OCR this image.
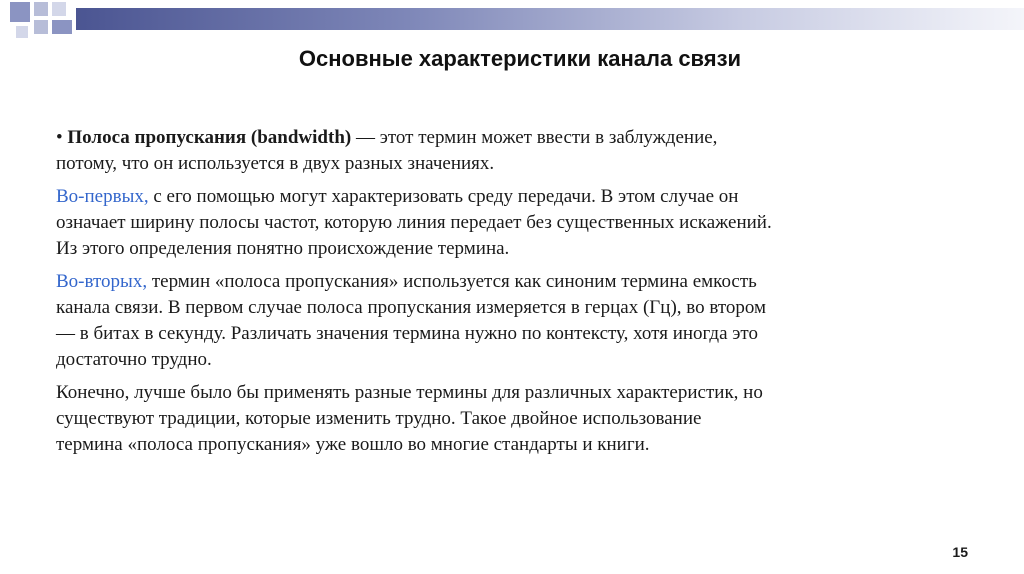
Основные характеристики канала связи
• Полоса пропускания (bandwidth) — этот термин может ввести в заблуждение,
потому, что он используется в двух разных значениях.
Во-первых, с его помощью могут характеризовать среду передачи. В этом случае он
означает ширину полосы частот, которую линия передает без существенных искажений.
Из этого определения понятно происхождение термина.
Во-вторых, термин «полоса пропускания» используется как синоним термина емкость
канала связи. В первом случае полоса пропускания измеряется в герцах (Гц), во втором
— в битах в секунду. Различать значения термина нужно по контексту, хотя иногда это
достаточно трудно.
Конечно, лучше было бы применять разные термины для различных характеристик, но
существуют традиции, которые изменить трудно. Такое двойное использование
термина «полоса пропускания» уже вошло во многие стандарты и книги.
15
